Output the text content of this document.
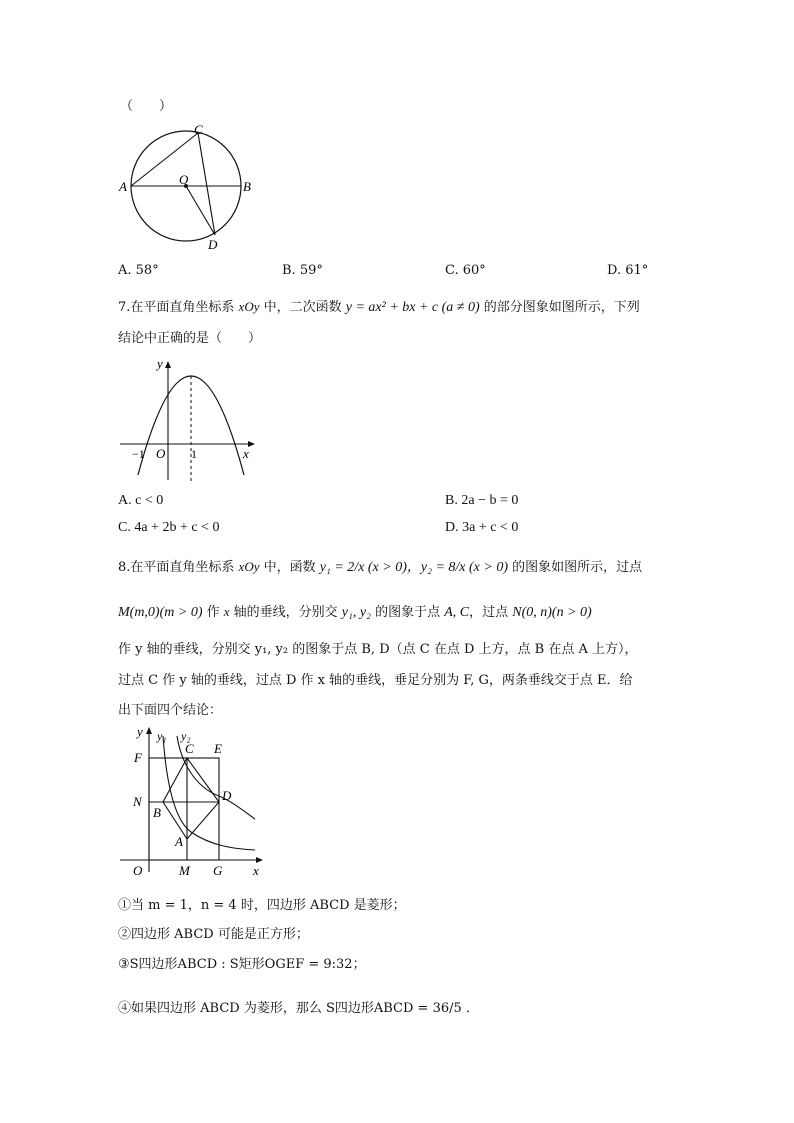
（　　）
C
O
A	B
D
A. 58°	B. 59°	C. 60°	D. 61°
7.在平面直角坐标系 xOy 中，二次函数 y = ax² + bx + c (a ≠ 0) 的部分图象如图所示，下列
结论中正确的是（　　）
y
x
−1 O 1
A. c < 0	B. 2a − b = 0
C. 4a + 2b + c < 0	D. 3a + c < 0
8.在平面直角坐标系 xOy 中，函数 y₁ = 2/x (x > 0)，y₂ = 8/x (x > 0) 的图象如图所示，过点
M(m,0)(m > 0) 作 x 轴的垂线，分别交 y₁, y₂ 的图象于点 A, C，过点 N(0, n)(n > 0)
作 y 轴的垂线，分别交 y₁, y₂ 的图象于点 B, D（点 C 在点 D 上方，点 B 在点 A 上方），
过点 C 作 y 轴的垂线，过点 D 作 x 轴的垂线，垂足分别为 F, G，两条垂线交于点 E．给
出下面四个结论：
y y₁ y₂
C E
F
N	D
B
A
O	M G x
①当 m = 1，n = 4 时，四边形 ABCD 是菱形；
②四边形 ABCD 可能是正方形；
③S四边形ABCD : S矩形OGEF = 9:32；
④如果四边形 ABCD 为菱形，那么 S四边形ABCD = 36/5 ．
